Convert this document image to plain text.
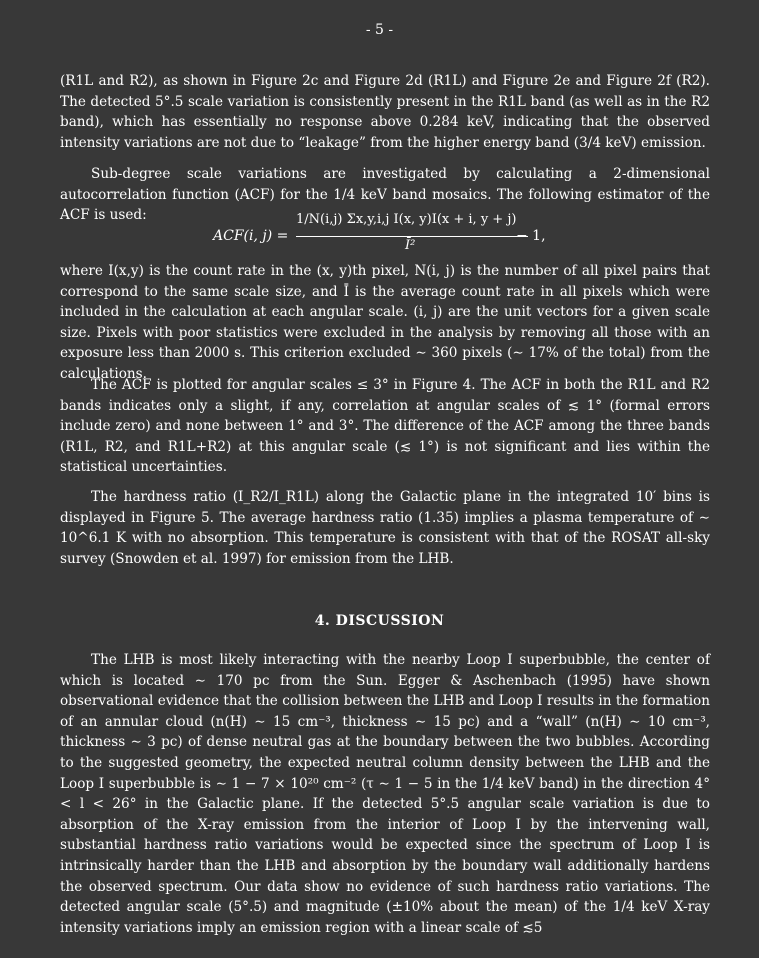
- 5 -

(R1L and R2), as shown in Figure 2c and Figure 2d (R1L) and Figure 2e and Figure 2f (R2). The detected 5°.5 scale variation is consistently present in the R1L band (as well as in the R2 band), which has essentially no response above 0.284 keV, indicating that the observed intensity variations are not due to “leakage” from the higher energy band (3/4 keV) emission.

Sub-degree scale variations are investigated by calculating a 2-dimensional autocorrelation function (ACF) for the 1/4 keV band mosaics. The following estimator of the ACF is used:

ACF(i, j) =
1/N(i,j) Σx,y,i,j I(x, y)I(x + i, y + j)
Ī²
− 1,

where I(x,y) is the count rate in the (x, y)th pixel, N(i, j) is the number of all pixel pairs that correspond to the same scale size, and Ī is the average count rate in all pixels which were included in the calculation at each angular scale. (i, j) are the unit vectors for a given scale size. Pixels with poor statistics were excluded in the analysis by removing all those with an exposure less than 2000 s. This criterion excluded ∼ 360 pixels (∼ 17% of the total) from the calculations.

The ACF is plotted for angular scales ≤ 3° in Figure 4. The ACF in both the R1L and R2 bands indicates only a slight, if any, correlation at angular scales of ≲ 1° (formal errors include zero) and none between 1° and 3°. The difference of the ACF among the three bands (R1L, R2, and R1L+R2) at this angular scale (≲ 1°) is not significant and lies within the statistical uncertainties.

The hardness ratio (I_R2/I_R1L) along the Galactic plane in the integrated 10′ bins is displayed in Figure 5. The average hardness ratio (1.35) implies a plasma temperature of ∼ 10^6.1 K with no absorption. This temperature is consistent with that of the ROSAT all-sky survey (Snowden et al. 1997) for emission from the LHB.

4. DISCUSSION

The LHB is most likely interacting with the nearby Loop I superbubble, the center of which is located ∼ 170 pc from the Sun. Egger & Aschenbach (1995) have shown observational evidence that the collision between the LHB and Loop I results in the formation of an annular cloud (n(H) ∼ 15 cm⁻³, thickness ∼ 15 pc) and a “wall” (n(H) ∼ 10 cm⁻³, thickness ∼ 3 pc) of dense neutral gas at the boundary between the two bubbles. According to the suggested geometry, the expected neutral column density between the LHB and the Loop I superbubble is ∼ 1 − 7 × 10²⁰ cm⁻² (τ ∼ 1 − 5 in the 1/4 keV band) in the direction 4° < l < 26° in the Galactic plane. If the detected 5°.5 angular scale variation is due to absorption of the X-ray emission from the interior of Loop I by the intervening wall, substantial hardness ratio variations would be expected since the spectrum of Loop I is intrinsically harder than the LHB and absorption by the boundary wall additionally hardens the observed spectrum. Our data show no evidence of such hardness ratio variations. The detected angular scale (5°.5) and magnitude (±10% about the mean) of the 1/4 keV X-ray intensity variations imply an emission region with a linear scale of ≲5
